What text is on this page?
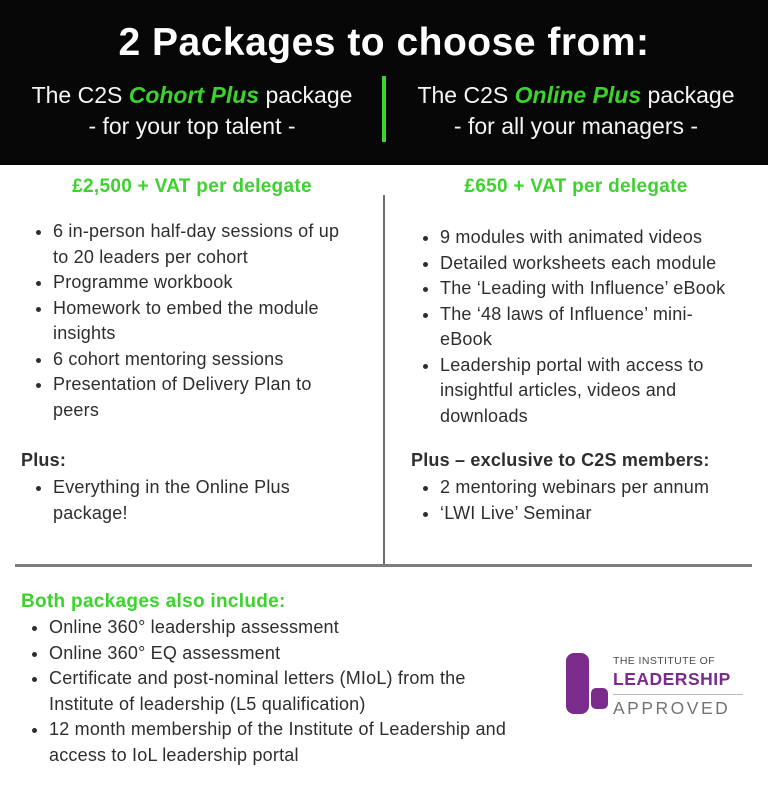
2 Packages to choose from:
The C2S Cohort Plus package
- for your top talent -
The C2S Online Plus package
- for all your managers -
£2,500 + VAT per delegate	£650 + VAT per delegate
• 6 in-person half-day sessions of up to 20 leaders per cohort
• Programme workbook
• Homework to embed the module insights
• 6 cohort mentoring sessions
• Presentation of Delivery Plan to peers
Plus:
• Everything in the Online Plus package!
• 9 modules with animated videos
• Detailed worksheets each module
• The ‘Leading with Influence’ eBook
• The ‘48 laws of Influence’ mini-eBook
• Leadership portal with access to insightful articles, videos and downloads
Plus – exclusive to C2S members:
• 2 mentoring webinars per annum
• ‘LWI Live’ Seminar
Both packages also include:
• Online 360° leadership assessment
• Online 360° EQ assessment
• Certificate and post-nominal letters (MIoL) from the Institute of leadership (L5 qualification)
• 12 month membership of the Institute of Leadership and access to IoL leadership portal
THE INSTITUTE OF
LEADERSHIP
APPROVED
